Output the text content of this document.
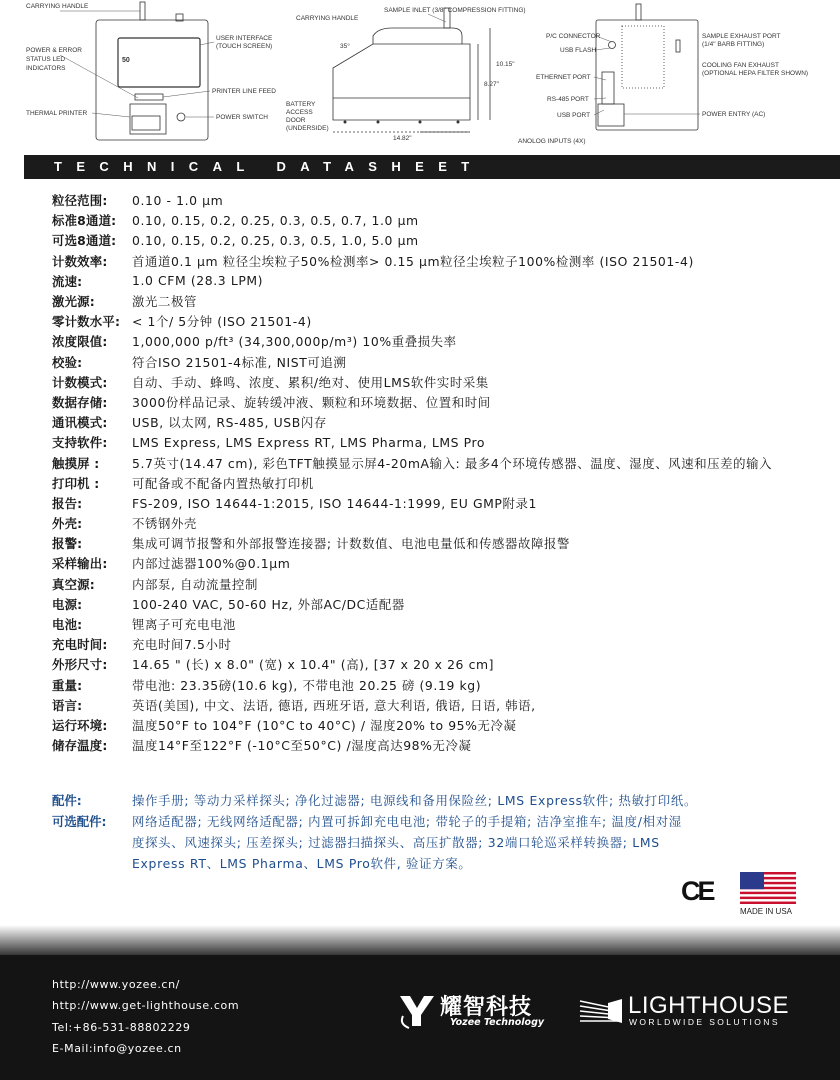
50
CARRYING HANDLE
POWER & ERROR
STATUS LED
INDICATORS
THERMAL PRINTER
USER INTERFACE
(TOUCH SCREEN)
PRINTER LINE FEED
POWER SWITCH
CARRYING HANDLE
SAMPLE INLET (3/8" COMPRESSION FITTING)
35°
10.15"
8.27"
14.82"
BATTERY
ACCESS
DOOR
(UNDERSIDE)
P/C CONNECTOR
USB FLASH
ETHERNET PORT
RS-485 PORT
USB PORT
ANOLOG INPUTS (4X)
SAMPLE EXHAUST PORT
(1/4" BARB FITTING)
COOLING FAN EXHAUST
(OPTIONAL HEPA FILTER SHOWN)
POWER ENTRY (AC)
TECHNICAL DATASHEET
粒径范围:	0.10 - 1.0 μm
标准8通道:	0.10, 0.15, 0.2, 0.25, 0.3, 0.5, 0.7, 1.0 μm
可选8通道:	0.10, 0.15, 0.2, 0.25, 0.3, 0.5, 1.0, 5.0 μm
计数效率:	首通道0.1 μm 粒径尘埃粒子50%检测率> 0.15 μm粒径尘埃粒子100%检测率 (ISO 21501-4)
流速:	1.0 CFM (28.3 LPM)
激光源:	激光二极管
零计数水平: < 1个/ 5分钟 (ISO 21501-4)
浓度限值:	1,000,000 p/ft³ (34,300,000p/m³) 10%重叠损失率
校验:	符合ISO 21501-4标准, NIST可追溯
计数模式:	自动、手动、蜂鸣、浓度、累积/绝对、使用LMS软件实时采集
数据存储:	3000份样品记录、旋转缓冲液、颗粒和环境数据、位置和时间
通讯模式:	USB, 以太网, RS-485, USB闪存
支持软件:	LMS Express, LMS Express RT, LMS Pharma, LMS Pro
触摸屏 :	5.7英寸(14.47 cm), 彩色TFT触摸显示屏4-20mA输入: 最多4个环境传感器、温度、湿度、风速和压差的输入
打印机 :	可配备或不配备内置热敏打印机
报告:	FS-209, ISO 14644-1:2015, ISO 14644-1:1999, EU GMP附录1
外壳:	不锈钢外壳
报警:	集成可调节报警和外部报警连接器; 计数数值、电池电量低和传感器故障报警
采样输出:	内部过滤器100%@0.1μm
真空源:	内部泵, 自动流量控制
电源:	100-240 VAC, 50-60 Hz, 外部AC/DC适配器
电池:	锂离子可充电电池
充电时间:	充电时间7.5小时
外形尺寸:	14.65 " (长) x 8.0" (宽) x 10.4" (高), [37 x 20 x 26 cm]
重量:	带电池: 23.35磅(10.6 kg), 不带电池 20.25 磅 (9.19 kg)
语言:	英语(美国), 中文、法语, 德语, 西班牙语, 意大利语, 俄语, 日语, 韩语,
运行环境:	温度50°F to 104°F (10°C to 40°C) / 湿度20% to 95%无冷凝
储存温度:	温度14°F至122°F (-10°C至50°C) /湿度高达98%无冷凝
配件:	操作手册; 等动力采样探头; 净化过滤器; 电源线和备用保险丝; LMS Express软件; 热敏打印纸。
可选配件:	网络适配器; 无线网络适配器; 内置可拆卸充电电池; 带轮子的手提箱; 洁净室推车; 温度/相对湿
度探头、风速探头; 压差探头; 过滤器扫描探头、高压扩散器; 32端口轮巡采样转换器; LMS
Express RT、LMS Pharma、LMS Pro软件, 验证方案。
CE
MADE IN USA
http://www.yozee.cn/
http://www.get-lighthouse.com
Tel:+86-531-88802229
E-Mail:info@yozee.cn
耀智科技
Yozee Technology
LIGHTHOUSE
WORLDWIDE SOLUTIONS
